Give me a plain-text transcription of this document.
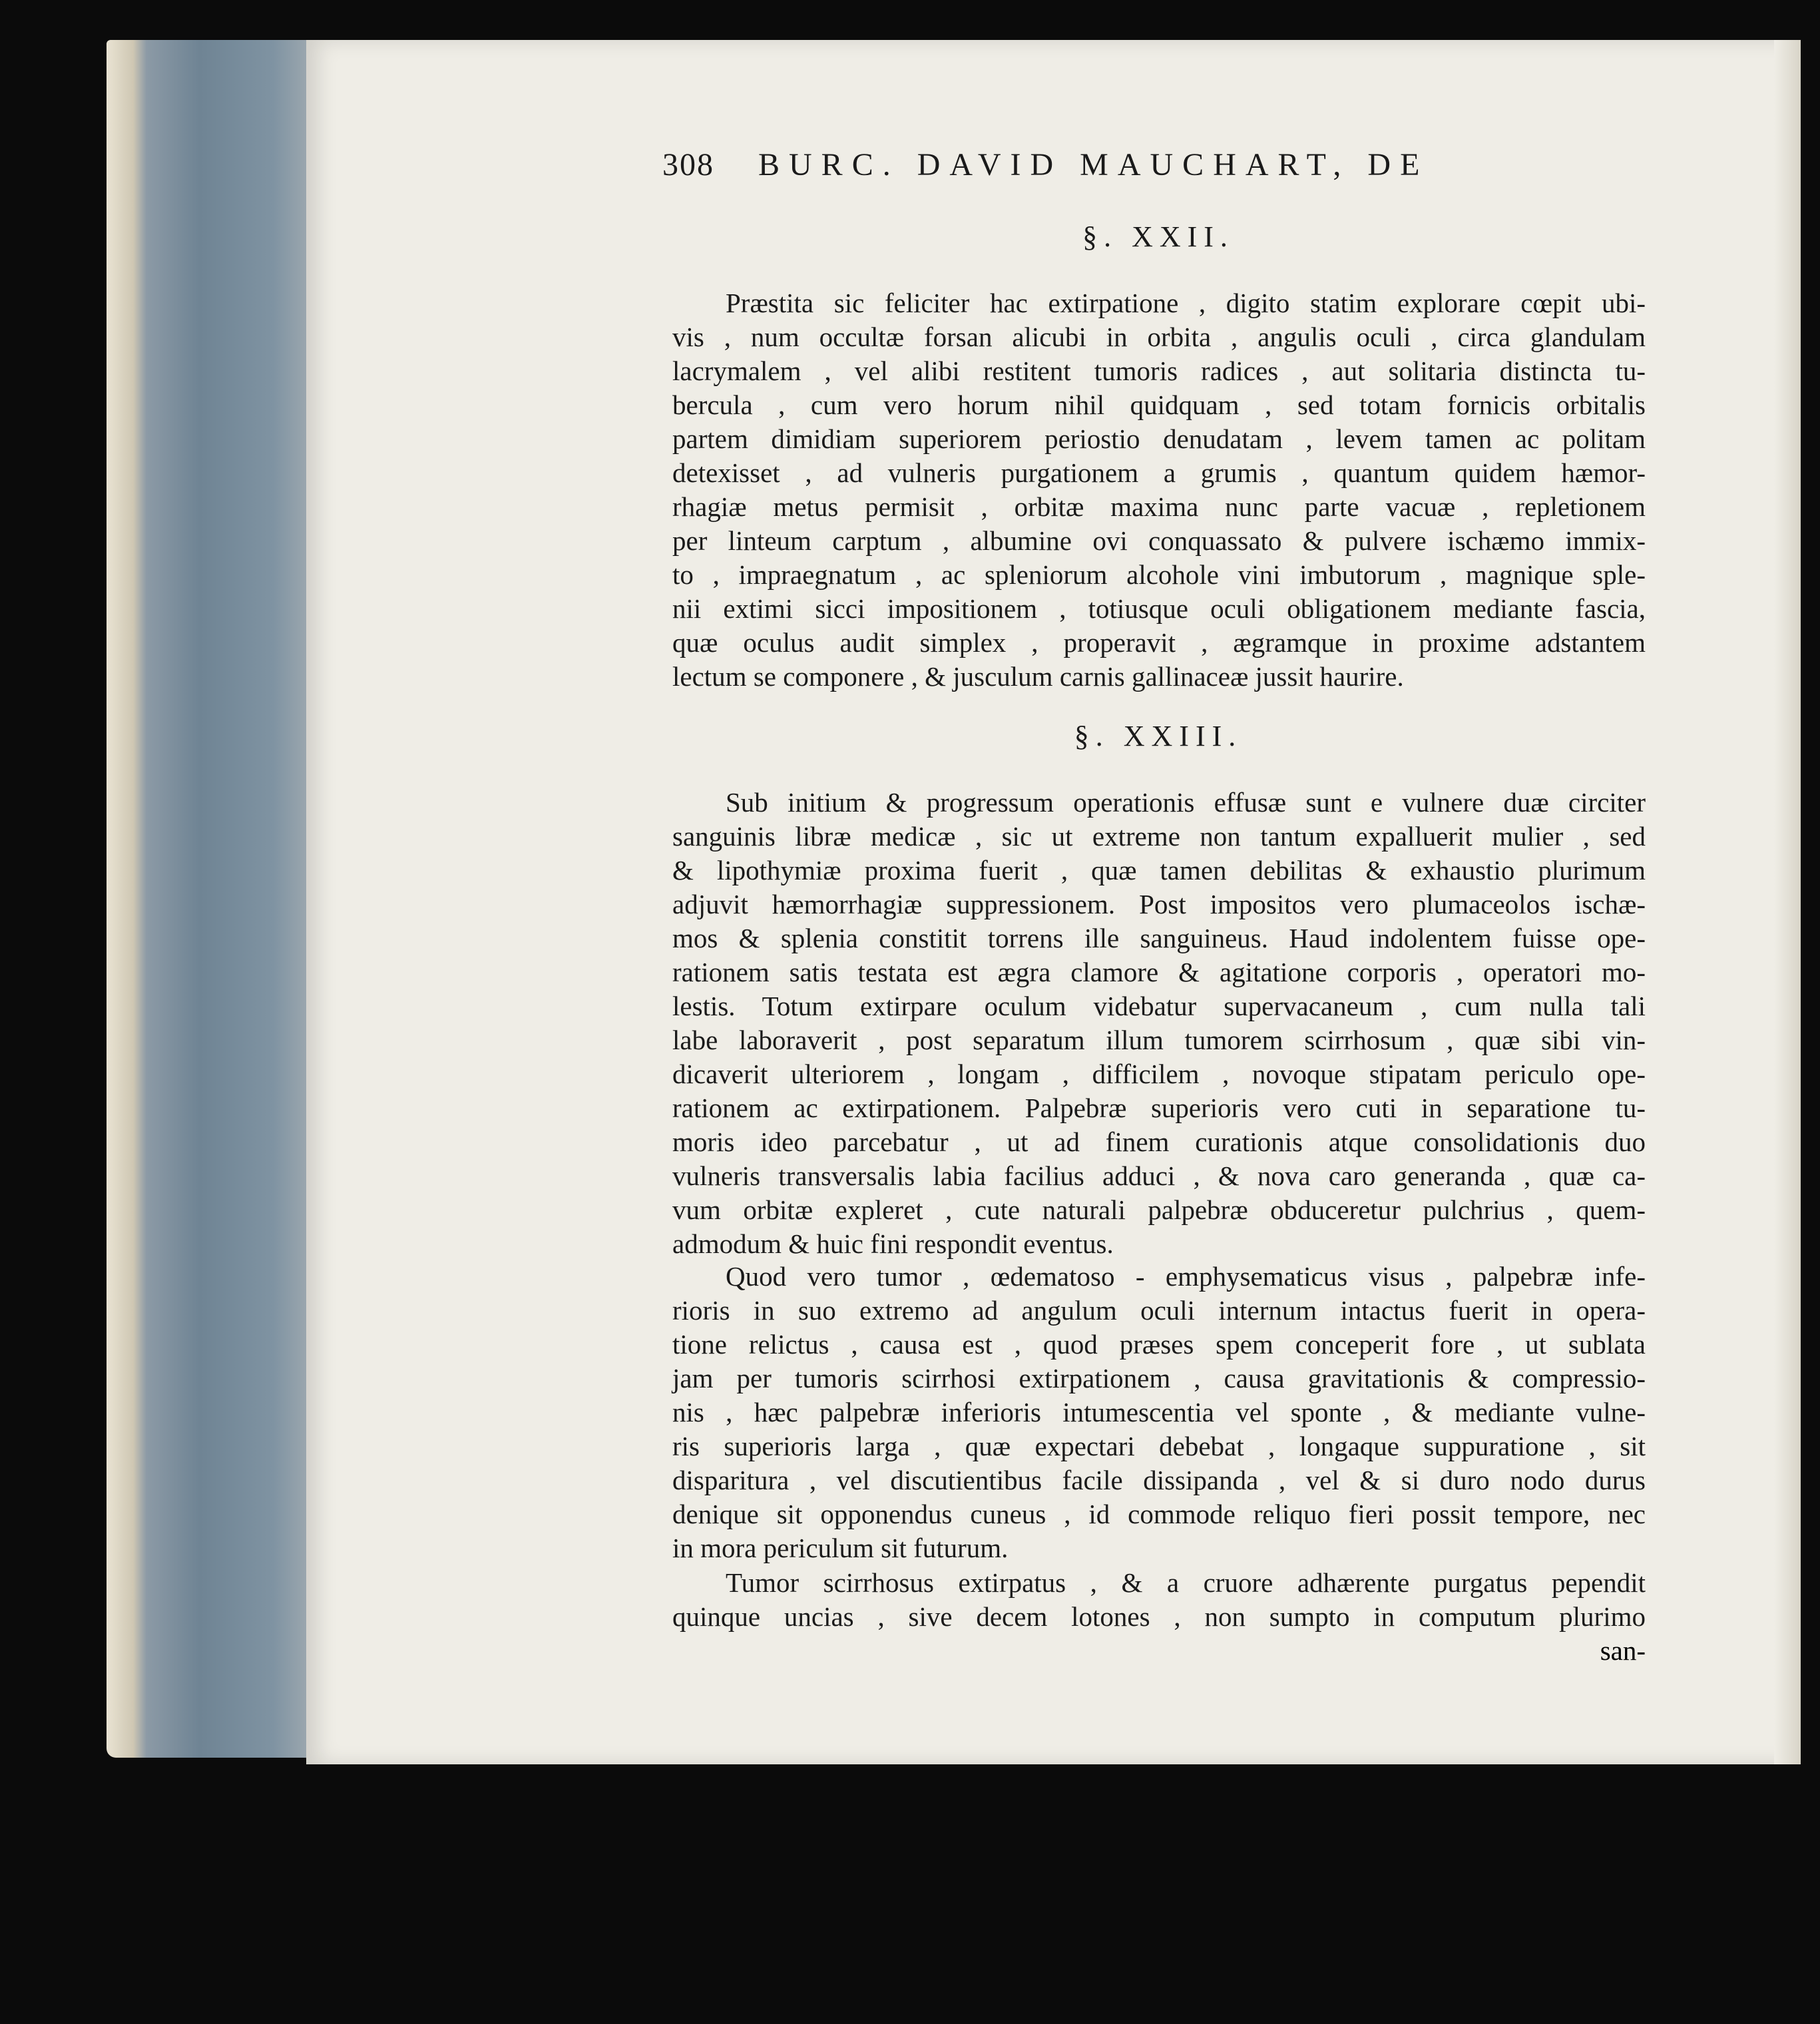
308 BURC. DAVID MAUCHART, DE
§. XXII.
Præstita sic feliciter hac extirpatione , digito statim explorare cœpit ubi-
vis , num occultæ forsan alicubi in orbita , angulis oculi , circa glandulam
lacrymalem , vel alibi restitent tumoris radices , aut solitaria distincta tu-
bercula , cum vero horum nihil quidquam , sed totam fornicis orbitalis
partem dimidiam superiorem periostio denudatam , levem tamen ac politam
detexisset , ad vulneris purgationem a grumis , quantum quidem hæmor-
rhagiæ metus permisit , orbitæ maxima nunc parte vacuæ , repletionem
per linteum carptum , albumine ovi conquassato & pulvere ischæmo immix-
to , impraegnatum , ac spleniorum alcohole vini imbutorum , magnique sple-
nii extimi sicci impositionem , totiusque oculi obligationem mediante fascia,
quæ oculus audit simplex , properavit , ægramque in proxime adstantem
lectum se componere , & jusculum carnis gallinaceæ jussit haurire.
§. XXIII.
Sub initium & progressum operationis effusæ sunt e vulnere duæ circiter
sanguinis libræ medicæ , sic ut extreme non tantum expalluerit mulier , sed
& lipothymiæ proxima fuerit , quæ tamen debilitas & exhaustio plurimum
adjuvit hæmorrhagiæ suppressionem. Post impositos vero plumaceolos ischæ-
mos & splenia constitit torrens ille sanguineus. Haud indolentem fuisse ope-
rationem satis testata est ægra clamore & agitatione corporis , operatori mo-
lestis. Totum extirpare oculum videbatur supervacaneum , cum nulla tali
labe laboraverit , post separatum illum tumorem scirrhosum , quæ sibi vin-
dicaverit ulteriorem , longam , difficilem , novoque stipatam periculo ope-
rationem ac extirpationem. Palpebræ superioris vero cuti in separatione tu-
moris ideo parcebatur , ut ad finem curationis atque consolidationis duo
vulneris transversalis labia facilius adduci , & nova caro generanda , quæ ca-
vum orbitæ expleret , cute naturali palpebræ obduceretur pulchrius , quem-
admodum & huic fini respondit eventus.
Quod vero tumor , œdematoso - emphysematicus visus , palpebræ infe-
rioris in suo extremo ad angulum oculi internum intactus fuerit in opera-
tione relictus , causa est , quod præses spem conceperit fore , ut sublata
jam per tumoris scirrhosi extirpationem , causa gravitationis & compressio-
nis , hæc palpebræ inferioris intumescentia vel sponte , & mediante vulne-
ris superioris larga , quæ expectari debebat , longaque suppuratione , sit
disparitura , vel discutientibus facile dissipanda , vel & si duro nodo durus
denique sit opponendus cuneus , id commode reliquo fieri possit tempore, nec
in mora periculum sit futurum.
Tumor scirrhosus extirpatus , & a cruore adhærente purgatus pependit
quinque uncias , sive decem lotones , non sumpto in computum plurimo
san-
